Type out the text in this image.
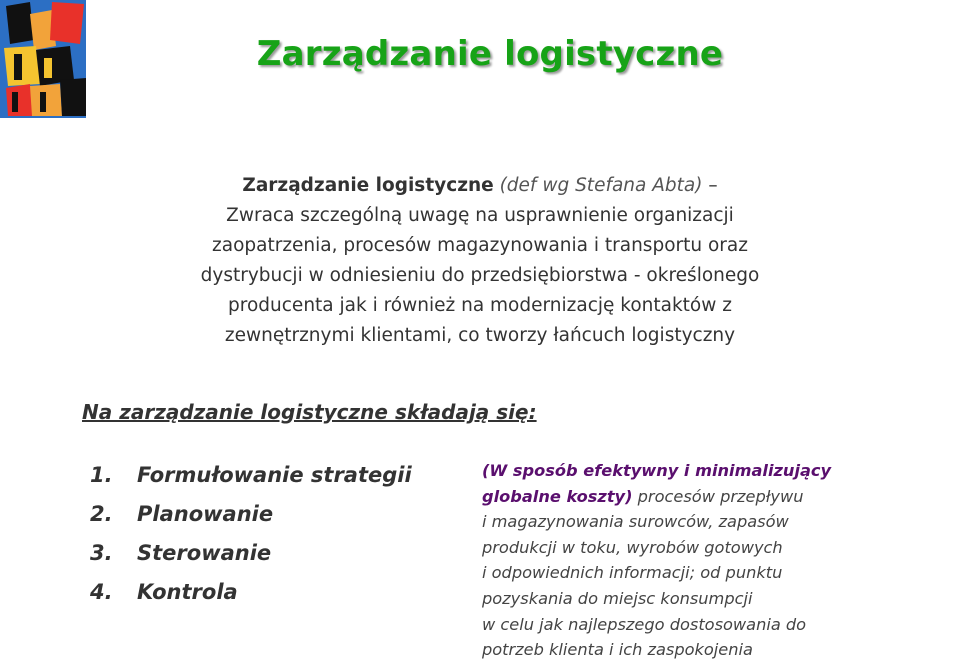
Zarządzanie logistyczne
Zarządzanie logistyczne (def wg Stefana Abta) –
Zwraca szczególną uwagę na usprawnienie organizacji
zaopatrzenia, procesów magazynowania i transportu oraz
dystrybucji w odniesieniu do przedsiębiorstwa - określonego
producenta jak i również na modernizację kontaktów z
zewnętrznymi klientami, co tworzy łańcuch logistyczny
Na zarządzanie logistyczne składają się:
1.	Formułowanie strategii
2.	Planowanie
3.	Sterowanie
4.	Kontrola
(W sposób efektywny i minimalizujący
globalne koszty) procesów przepływu
i magazynowania surowców, zapasów
produkcji w toku, wyrobów gotowych
i odpowiednich informacji; od punktu
pozyskania do miejsc konsumpcji
w celu jak najlepszego dostosowania do
potrzeb klienta i ich zaspokojenia
